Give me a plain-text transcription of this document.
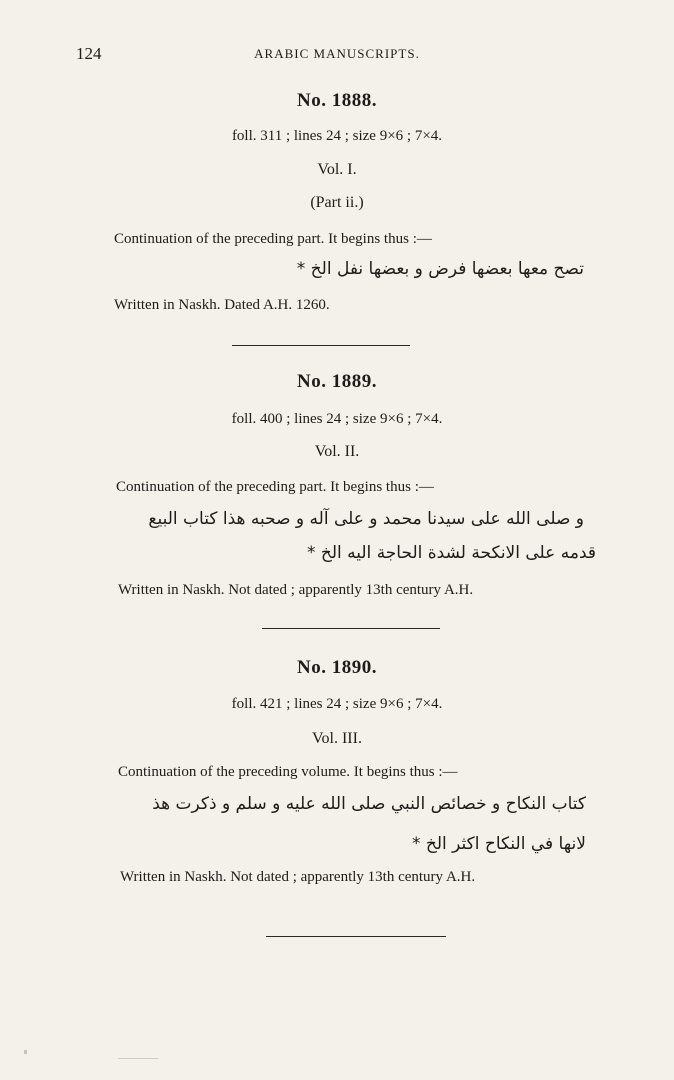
124	ARABIC MANUSCRIPTS.
No. 1888.
foll. 311 ; lines 24 ; size 9×6 ; 7×4.
Vol. I.
(Part ii.)
Continuation of the preceding part. It begins thus :—
تصح معها بعضها فرض و بعضها نفل الخ *
Written in Naskh. Dated A.H. 1260.
No. 1889.
foll. 400 ; lines 24 ; size 9×6 ; 7×4.
Vol. II.
Continuation of the preceding part. It begins thus :—
و صلى الله على سيدنا محمد و على آله و صحبه هذا كتاب البيع
قدمه على الانكحة لشدة الحاجة اليه الخ *
Written in Naskh. Not dated ; apparently 13th century A.H.
No. 1890.
foll. 421 ; lines 24 ; size 9×6 ; 7×4.
Vol. III.
Continuation of the preceding volume. It begins thus :—
كتاب النكاح و خصائص النبي صلى الله عليه و سلم و ذكرت هذ
لانها في النكاح اكثر الخ *
Written in Naskh. Not dated ; apparently 13th century A.H.
